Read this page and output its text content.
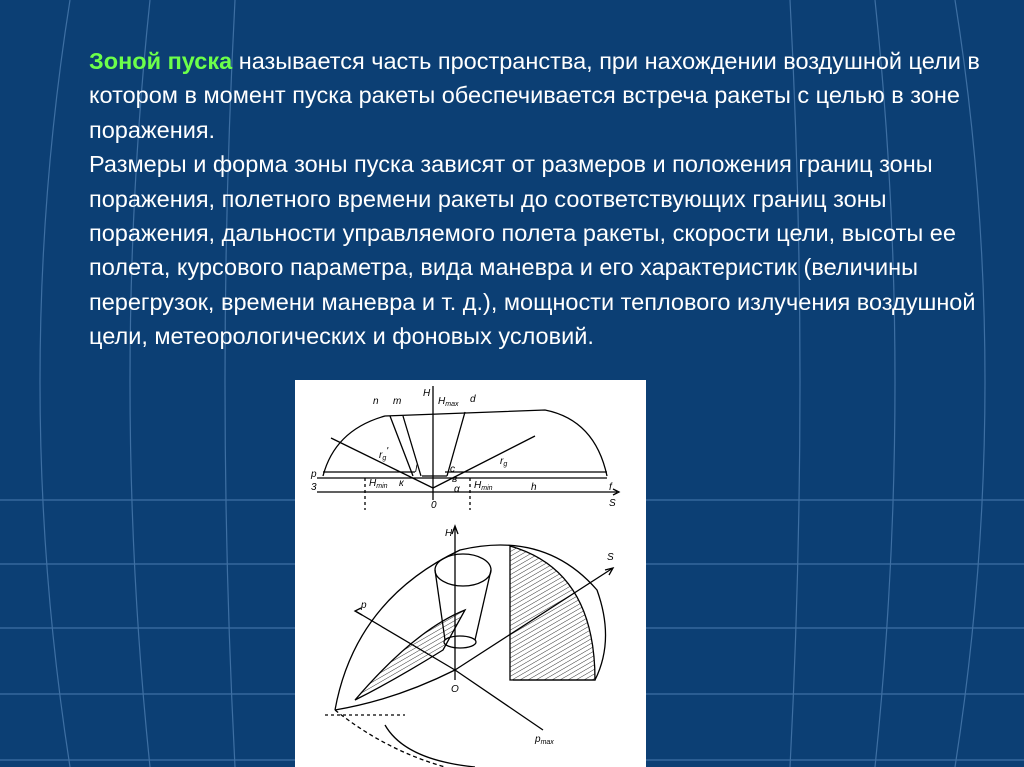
Зоной пуска называется часть пространства, при нахождении воздушной цели в котором в момент пуска ракеты обеспечивается встреча ракеты с целью в зоне поражения.

Размеры и форма зоны пуска зависят от размеров и положения границ зоны поражения, полетного времени ракеты до соответствующих границ зоны поражения, дальности управляемого полета ракеты, скорости цели, высоты ее полета, курсового параметра, вида маневра и его характеристик (величины перегрузок, времени маневра и т. д.), мощности теплового излучения воздушной цели, метеорологических и фоновых условий.

n m
H
$H_{max}$ d
$r_g'$
$r_g$
p
3
l
к
c
в
α
$H_{min}$	$H_{min}$	h	f
S
0
H
S
p
O
$p_{max}$
